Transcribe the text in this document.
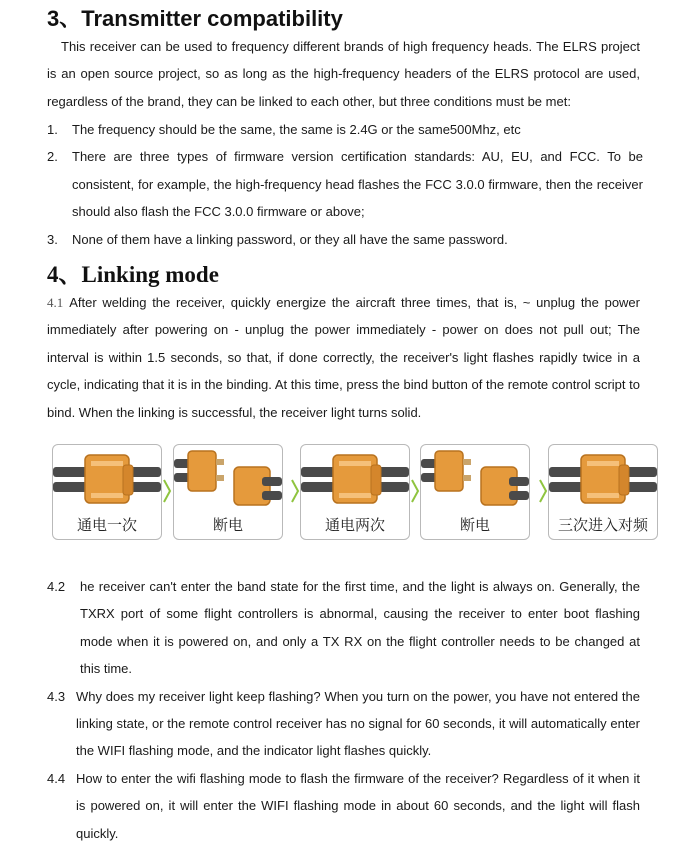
3、Transmitter compatibility
This receiver can be used to frequency different brands of high frequency heads. The ELRS project is an open source project, so as long as the high-frequency headers of the ELRS protocol are used, regardless of the brand, they can be linked to each other, but three conditions must be met:
1. The frequency should be the same, the same is 2.4G or the same500Mhz, etc
2. There are three types of firmware version certification standards: AU, EU, and FCC. To be consistent, for example, the high-frequency head flashes the FCC 3.0.0 firmware, then the receiver should also flash the FCC 3.0.0 firmware or above;
3. None of them have a linking password, or they all have the same password.
4、Linking mode
4.1 After welding the receiver, quickly energize the aircraft three times, that is, ~ unplug the power immediately after powering on - unplug the power immediately - power on does not pull out; The interval is within 1.5 seconds, so that, if done correctly, the receiver's light flashes rapidly twice in a cycle, indicating that it is in the binding. At this time, press the bind button of the remote control script to bind. When the linking is successful, the receiver light turns solid.
通电一次	断电	通电两次	断电	三次进入对频
4.2 he receiver can't enter the band state for the first time, and the light is always on. Generally, the TXRX port of some flight controllers is abnormal, causing the receiver to enter boot flashing mode when it is powered on, and only a TX RX on the flight controller needs to be changed at this time.
4.3 Why does my receiver light keep flashing? When you turn on the power, you have not entered the linking state, or the remote control receiver has no signal for 60 seconds, it will automatically enter the WIFI flashing mode, and the indicator light flashes quickly.
4.4 How to enter the wifi flashing mode to flash the firmware of the receiver? Regardless of it when it is powered on, it will enter the WIFI flashing mode in about 60 seconds, and the light will flash quickly.
